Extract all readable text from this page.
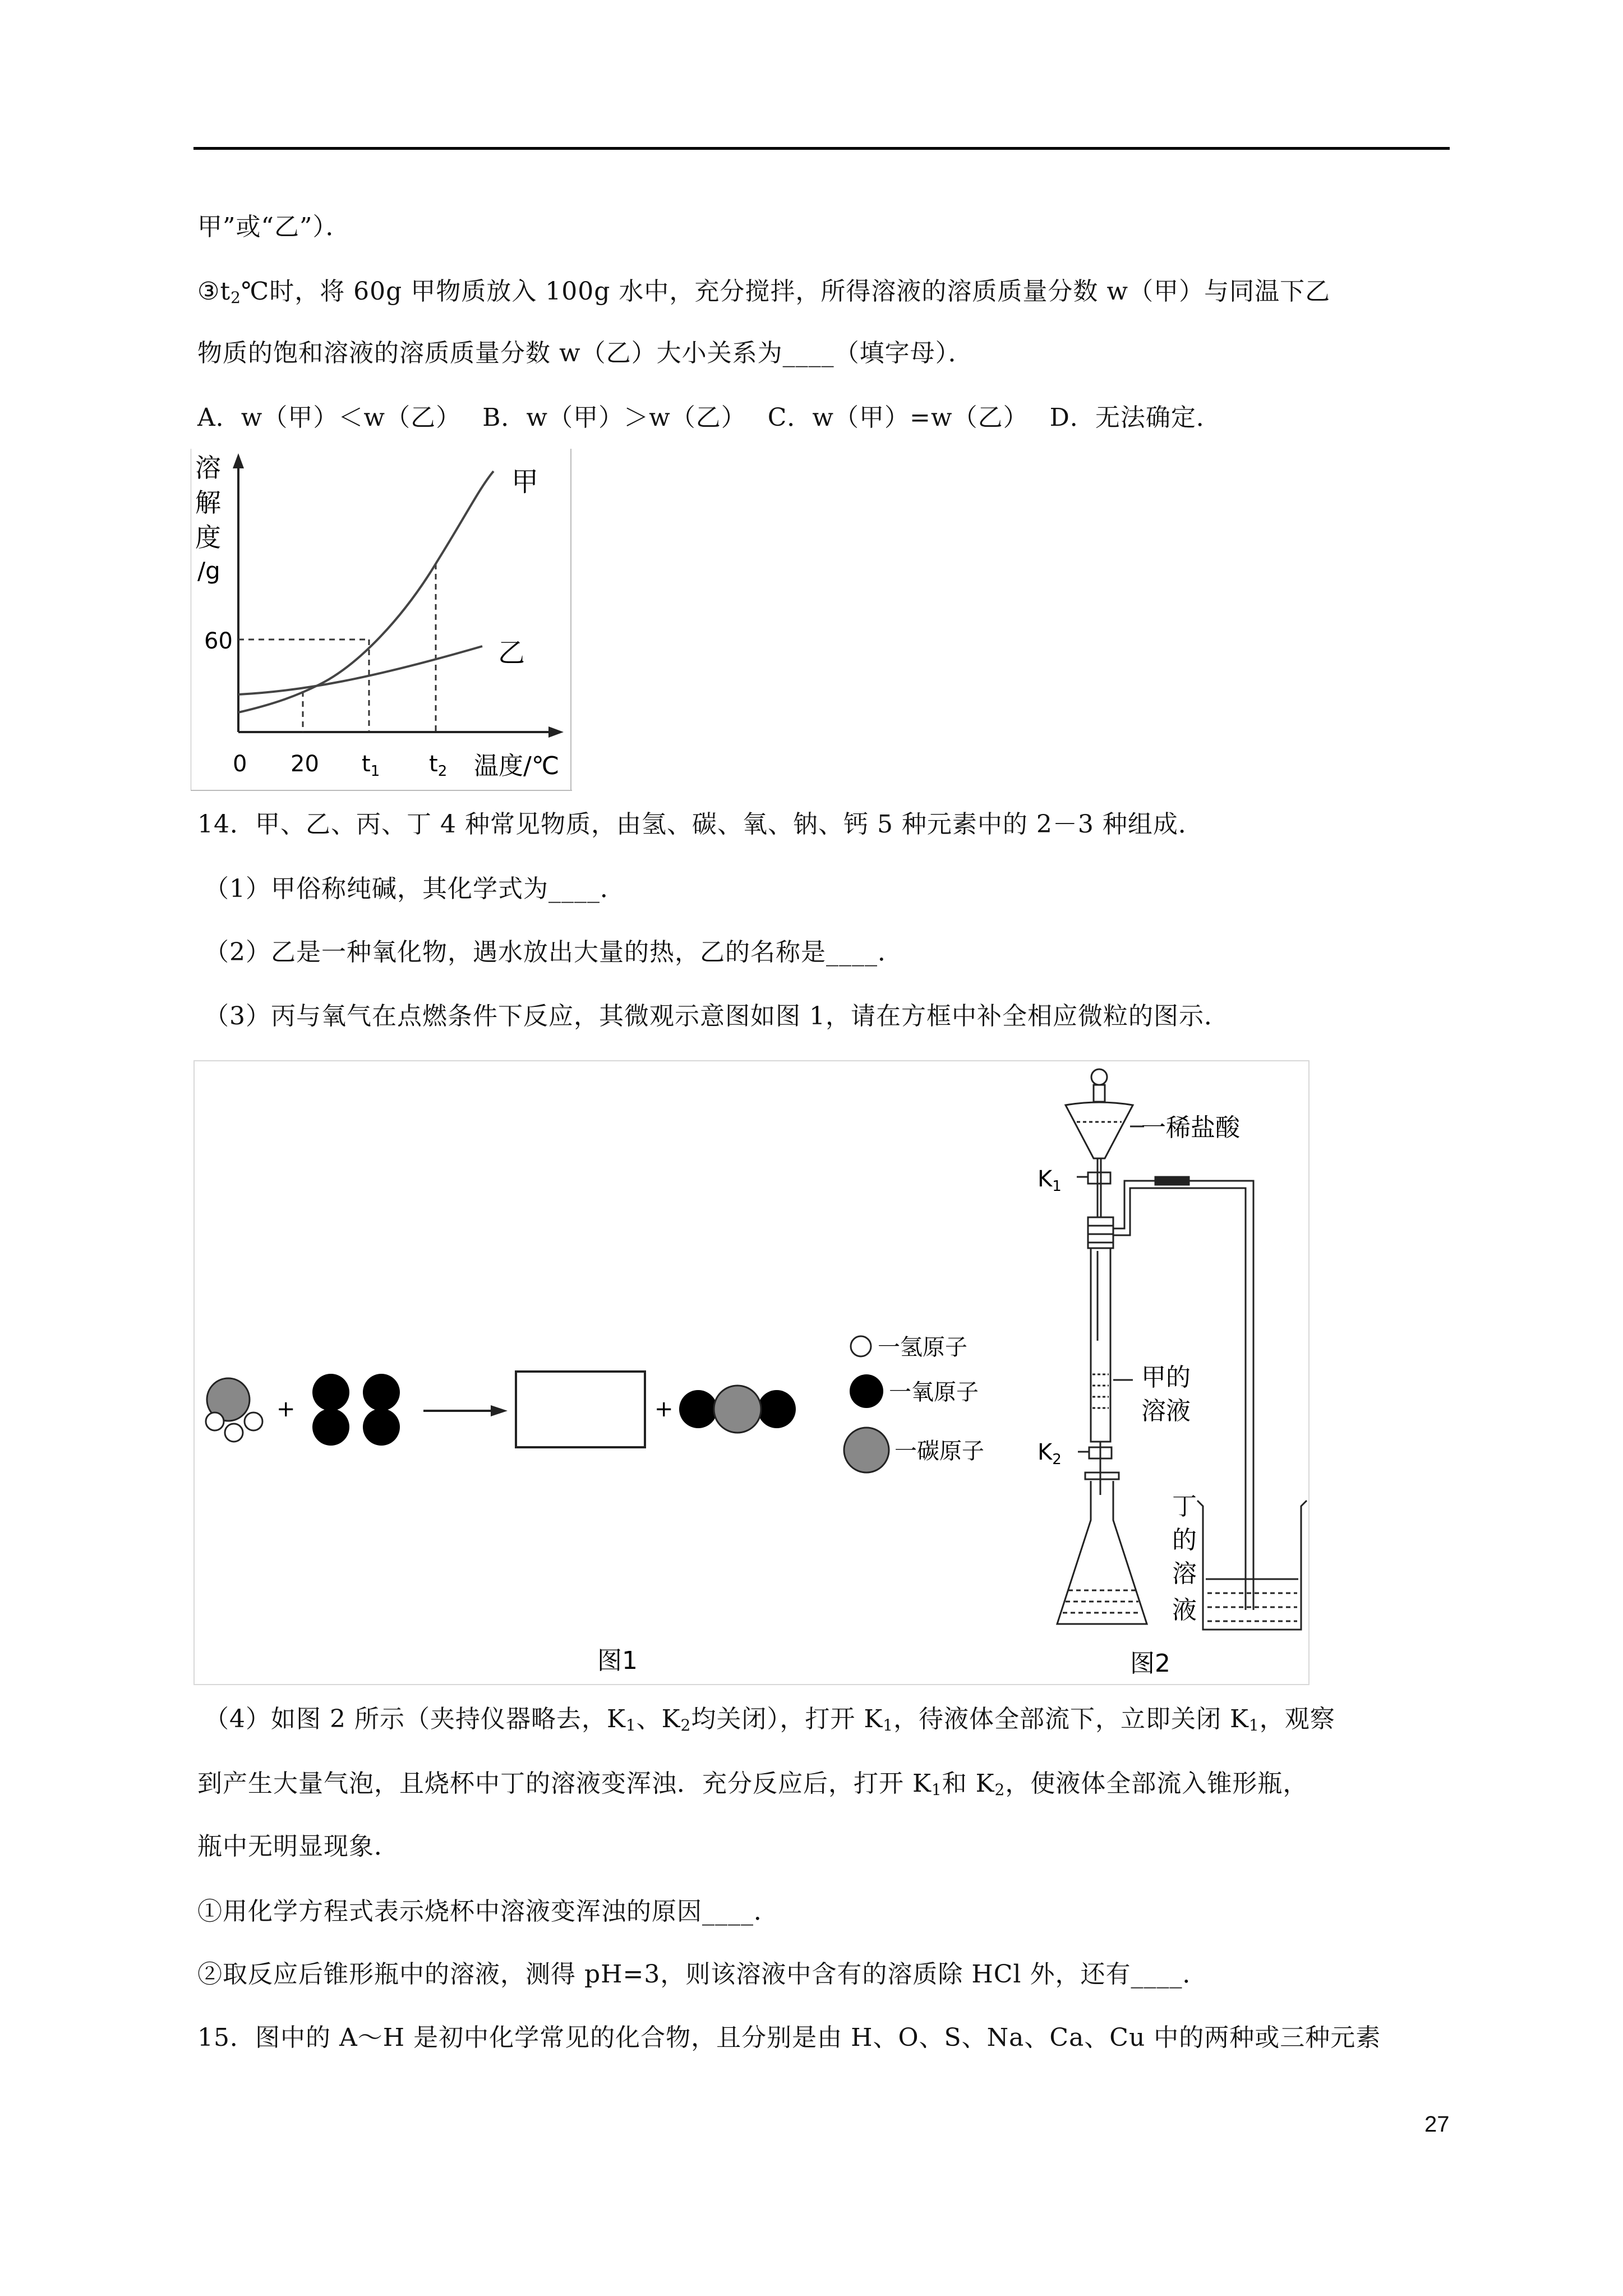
甲”或“乙”）．
$③t_2℃$时，将 60g 甲物质放入 100g 水中，充分搅拌，所得溶液的溶质质量分数 w（甲）与同温下乙
物质的饱和溶液的溶质质量分数 w（乙）大小关系为____（填字母）．
A．w（甲）＜w（乙）　 B．w（甲）＞w（乙）　 C．w（甲）=w（乙）　 D．无法确定．
溶
解
度
/g
60
甲
乙
0 20 $t_1$ $t_2$ 温度/℃
14．甲、乙、丙、丁 4 种常见物质，由氢、碳、氧、钠、钙 5 种元素中的 2－3 种组成．
（1）甲俗称纯碱，其化学式为____．
（2）乙是一种氧化物，遇水放出大量的热，乙的名称是____．
（3）丙与氧气在点燃条件下反应，其微观示意图如图 1，请在方框中补全相应微粒的图示．
+	+
图1
一氢原子
一氧原子
一碳原子
一稀盐酸
$K_1$
$K_2$
甲的
溶液
丁
的
溶
液
图2
（4）如图 2 所示（夹持仪器略去，$K_1$、$K_2$均关闭），打开 $K_1$，待液体全部流下，立即关闭 $K_1$，观察
到产生大量气泡，且烧杯中丁的溶液变浑浊．充分反应后，打开 $K_1$和 $K_2$，使液体全部流入锥形瓶，
瓶中无明显现象．
①用化学方程式表示烧杯中溶液变浑浊的原因____．
②取反应后锥形瓶中的溶液，测得 pH=3，则该溶液中含有的溶质除 HCl 外，还有____．
15．图中的 A～H 是初中化学常见的化合物，且分别是由 H、O、S、Na、Ca、Cu 中的两种或三种元素
27
